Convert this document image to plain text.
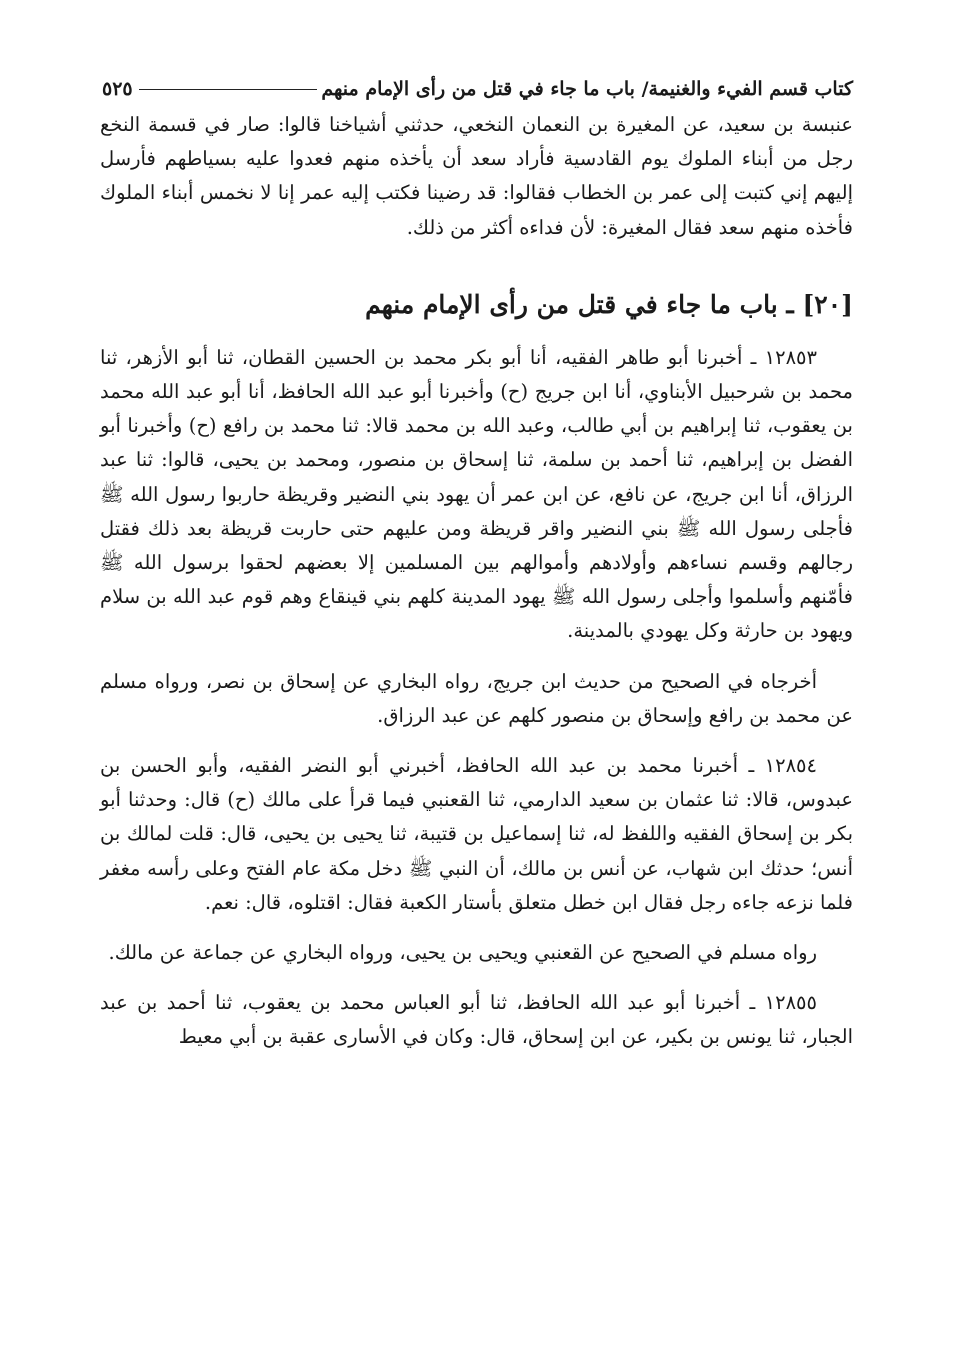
كتاب قسم الفيء والغنيمة/ باب ما جاء في قتل من رأى الإمام منهم
٥٢٥

عنبسة بن سعيد، عن المغيرة بن النعمان النخعي، حدثني أشياخنا قالوا: صار في قسمة النخع رجل من أبناء الملوك يوم القادسية فأراد سعد أن يأخذه منهم فعدوا عليه بسياطهم فأرسل إليهم إني كتبت إلى عمر بن الخطاب فقالوا: قد رضينا فكتب إليه عمر إنا لا نخمس أبناء الملوك فأخذه منهم سعد فقال المغيرة: لأن فداءه أكثر من ذلك.

[٢٠] ـ باب ما جاء في قتل من رأى الإمام منهم

١٢٨٥٣ ـ أخبرنا أبو طاهر الفقيه، أنا أبو بكر محمد بن الحسين القطان، ثنا أبو الأزهر، ثنا محمد بن شرحبيل الأبناوي، أنا ابن جريج (ح) وأخبرنا أبو عبد الله الحافظ، أنا أبو عبد الله محمد بن يعقوب، ثنا إبراهيم بن أبي طالب، وعبد الله بن محمد قالا: ثنا محمد بن رافع (ح) وأخبرنا أبو الفضل بن إبراهيم، ثنا أحمد بن سلمة، ثنا إسحاق بن منصور، ومحمد بن يحيى، قالوا: ثنا عبد الرزاق، أنا ابن جريج، عن نافع، عن ابن عمر أن يهود بني النضير وقريظة حاربوا رسول الله ﷺ فأجلى رسول الله ﷺ بني النضير واقر قريظة ومن عليهم حتى حاربت قريظة بعد ذلك فقتل رجالهم وقسم نساءهم وأولادهم وأموالهم بين المسلمين إلا بعضهم لحقوا برسول الله ﷺ فأمّنهم وأسلموا وأجلى رسول الله ﷺ يهود المدينة كلهم بني قينقاع وهم قوم عبد الله بن سلام ويهود بن حارثة وكل يهودي بالمدينة.

أخرجاه في الصحيح من حديث ابن جريج، رواه البخاري عن إسحاق بن نصر، ورواه مسلم عن محمد بن رافع وإسحاق بن منصور كلهم عن عبد الرزاق.

١٢٨٥٤ ـ أخبرنا محمد بن عبد الله الحافظ، أخبرني أبو النضر الفقيه، وأبو الحسن بن عبدوس، قالا: ثنا عثمان بن سعيد الدارمي، ثنا القعنبي فيما قرأ على مالك (ح) قال: وحدثنا أبو بكر بن إسحاق الفقيه واللفظ له، ثنا إسماعيل بن قتيبة، ثنا يحيى بن يحيى، قال: قلت لمالك بن أنس؛ حدثك ابن شهاب، عن أنس بن مالك، أن النبي ﷺ دخل مكة عام الفتح وعلى رأسه مغفر فلما نزعه جاءه رجل فقال ابن خطل متعلق بأستار الكعبة فقال: اقتلوه، قال: نعم.

رواه مسلم في الصحيح عن القعنبي ويحيى بن يحيى، ورواه البخاري عن جماعة عن مالك.

١٢٨٥٥ ـ أخبرنا أبو عبد الله الحافظ، ثنا أبو العباس محمد بن يعقوب، ثنا أحمد بن عبد الجبار، ثنا يونس بن بكير، عن ابن إسحاق، قال: وكان في الأسارى عقبة بن أبي معيط
